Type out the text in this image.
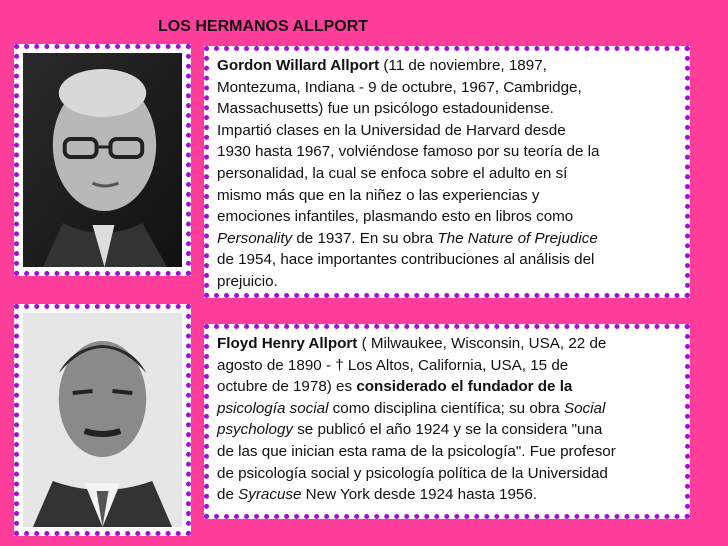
LOS HERMANOS ALLPORT
Gordon Willard Allport (11 de noviembre, 1897,
Montezuma, Indiana - 9 de octubre, 1967, Cambridge,
Massachusetts) fue un psicólogo estadounidense.
Impartió clases en la Universidad de Harvard desde
1930 hasta 1967, volviéndose famoso por su teoría de la
personalidad, la cual se enfoca sobre el adulto en sí
mismo más que en la niñez o las experiencias y
emociones infantiles, plasmando esto en libros como
Personality de 1937. En su obra The Nature of Prejudice
de 1954, hace importantes contribuciones al análisis del
prejuicio.
Floyd Henry Allport ( Milwaukee, Wisconsin, USA, 22 de
agosto de 1890 - † Los Altos, California, USA, 15 de
octubre de 1978) es considerado el fundador de la
psicología social como disciplina científica; su obra Social
psychology se publicó el año 1924 y se la considera "una
de las que inician esta rama de la psicología". Fue profesor
de psicología social y psicología política de la Universidad
de Syracuse New York desde 1924 hasta 1956.
